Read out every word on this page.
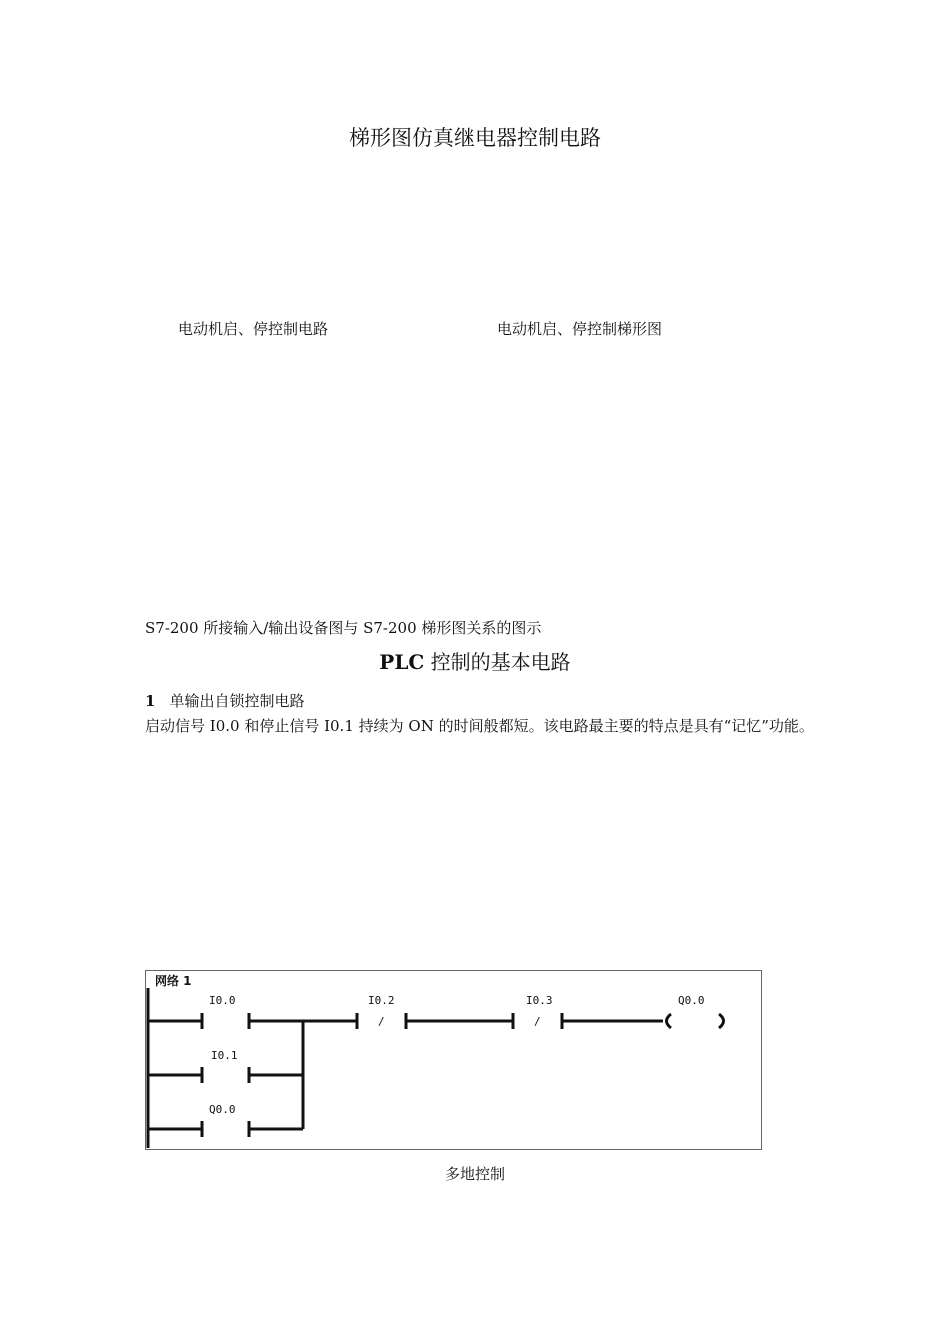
梯形图仿真继电器控制电路
电动机启、停控制电路	电动机启、停控制梯形图
S7-200 所接输入/输出设备图与 S7-200 梯形图关系的图示
PLC 控制的基本电路
1 单输出自锁控制电路
启动信号 I0.0 和停止信号 I0.1 持续为 ON 的时间般都短。该电路最主要的特点是具有“记忆”功能。
网络 1
I0.0
/
I0.2
/
I0.3	Q0.0
I0.1
Q0.0
多地控制
